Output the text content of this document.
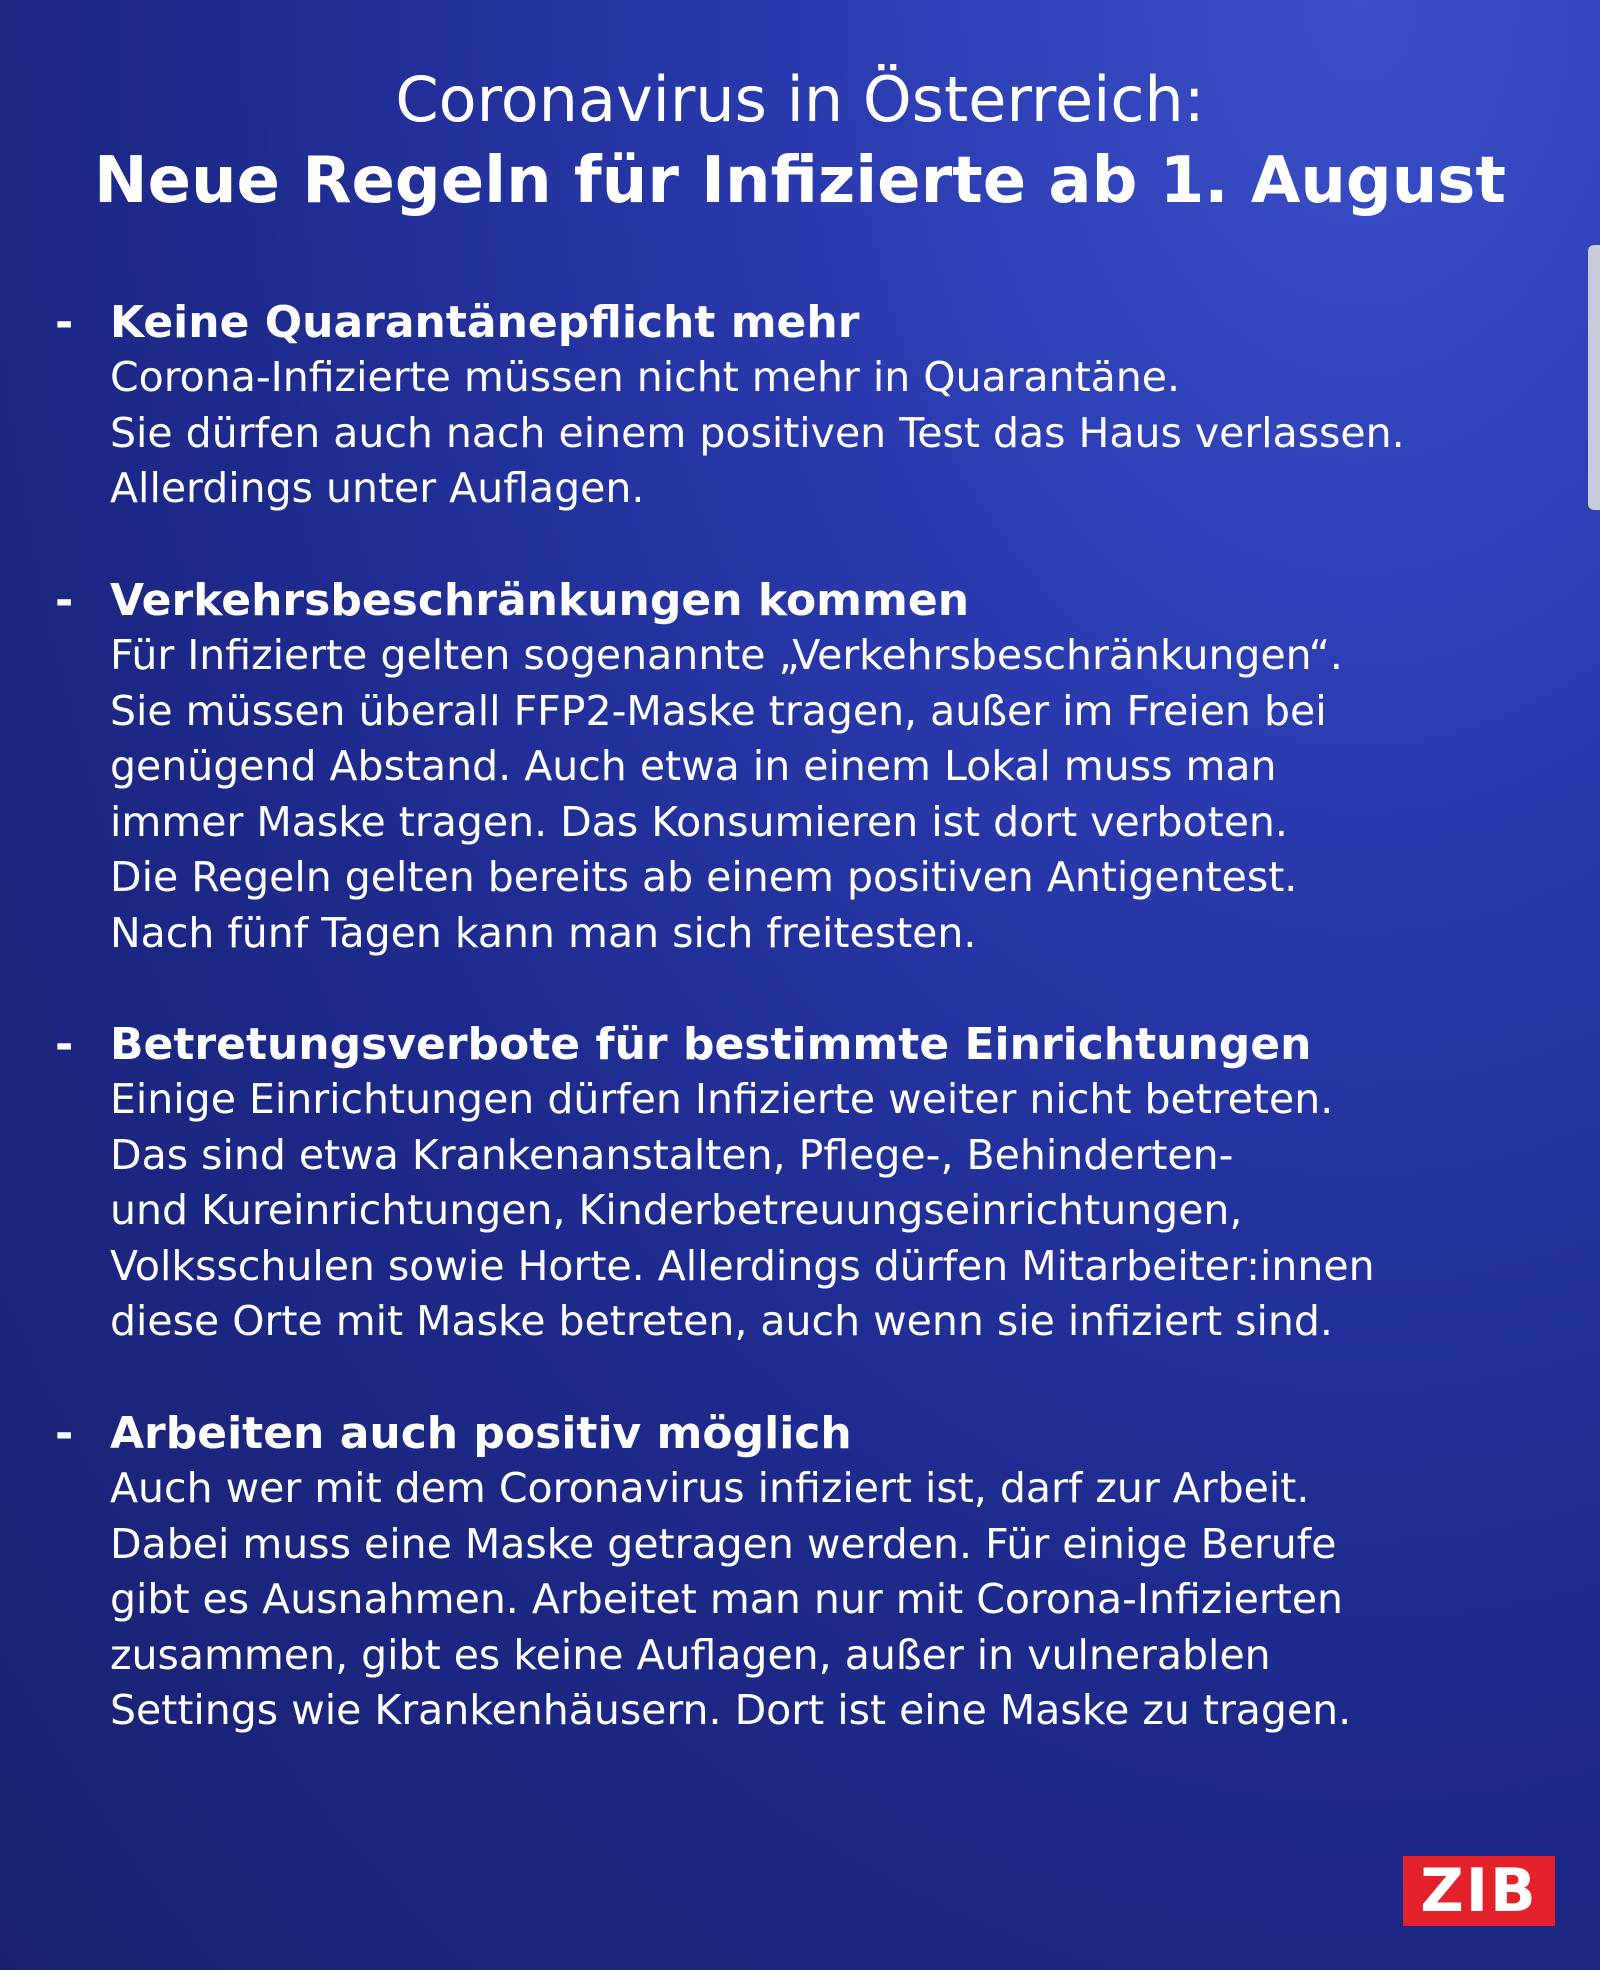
Coronavirus in Österreich:
Neue Regeln für Infizierte ab 1. August
- Keine Quarantänepflicht mehr
Corona-Infizierte müssen nicht mehr in Quarantäne.
Sie dürfen auch nach einem positiven Test das Haus verlassen.
Allerdings unter Auflagen.
- Verkehrsbeschränkungen kommen
Für Infizierte gelten sogenannte „Verkehrsbeschränkungen“.
Sie müssen überall FFP2-Maske tragen, außer im Freien bei
genügend Abstand. Auch etwa in einem Lokal muss man
immer Maske tragen. Das Konsumieren ist dort verboten.
Die Regeln gelten bereits ab einem positiven Antigentest.
Nach fünf Tagen kann man sich freitesten.
- Betretungsverbote für bestimmte Einrichtungen
Einige Einrichtungen dürfen Infizierte weiter nicht betreten.
Das sind etwa Krankenanstalten, Pflege-, Behinderten-
und Kureinrichtungen, Kinderbetreuungseinrichtungen,
Volksschulen sowie Horte. Allerdings dürfen Mitarbeiter:innen
diese Orte mit Maske betreten, auch wenn sie infiziert sind.
- Arbeiten auch positiv möglich
Auch wer mit dem Coronavirus infiziert ist, darf zur Arbeit.
Dabei muss eine Maske getragen werden. Für einige Berufe
gibt es Ausnahmen. Arbeitet man nur mit Corona-Infizierten
zusammen, gibt es keine Auflagen, außer in vulnerablen
Settings wie Krankenhäusern. Dort ist eine Maske zu tragen.
ZIB
